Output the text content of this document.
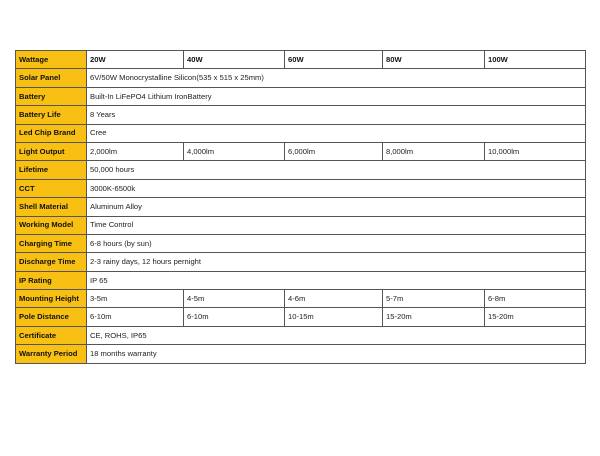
Wattage	20W	40W	60W	80W	100W
Solar Panel	6V/50W Monocrystalline Silicon(535 x 515 x 25mm)				
Battery	Built-In LiFePO4 Lithium IronBattery				
Battery Life	8 Years				
Led Chip Brand	Cree				
Light Output	2,000lm	4,000lm	6,000lm	8,000lm	10,000lm
Lifetime	50,000 hours				
CCT	3000K-6500k				
Shell Material	Aluminum Alloy				
Working Model	Time Control				
Charging Time	6-8 hours (by sun)				
Discharge Time	2-3 rainy days, 12 hours pernight				
IP Rating	IP 65				
Mounting Height	3-5m	4-5m	4-6m	5-7m	6-8m
Pole Distance	6-10m	6-10m	10-15m	15-20m	15-20m
Certificate	CE, ROHS, IP65				
Warranty Period	18 months warranty				
